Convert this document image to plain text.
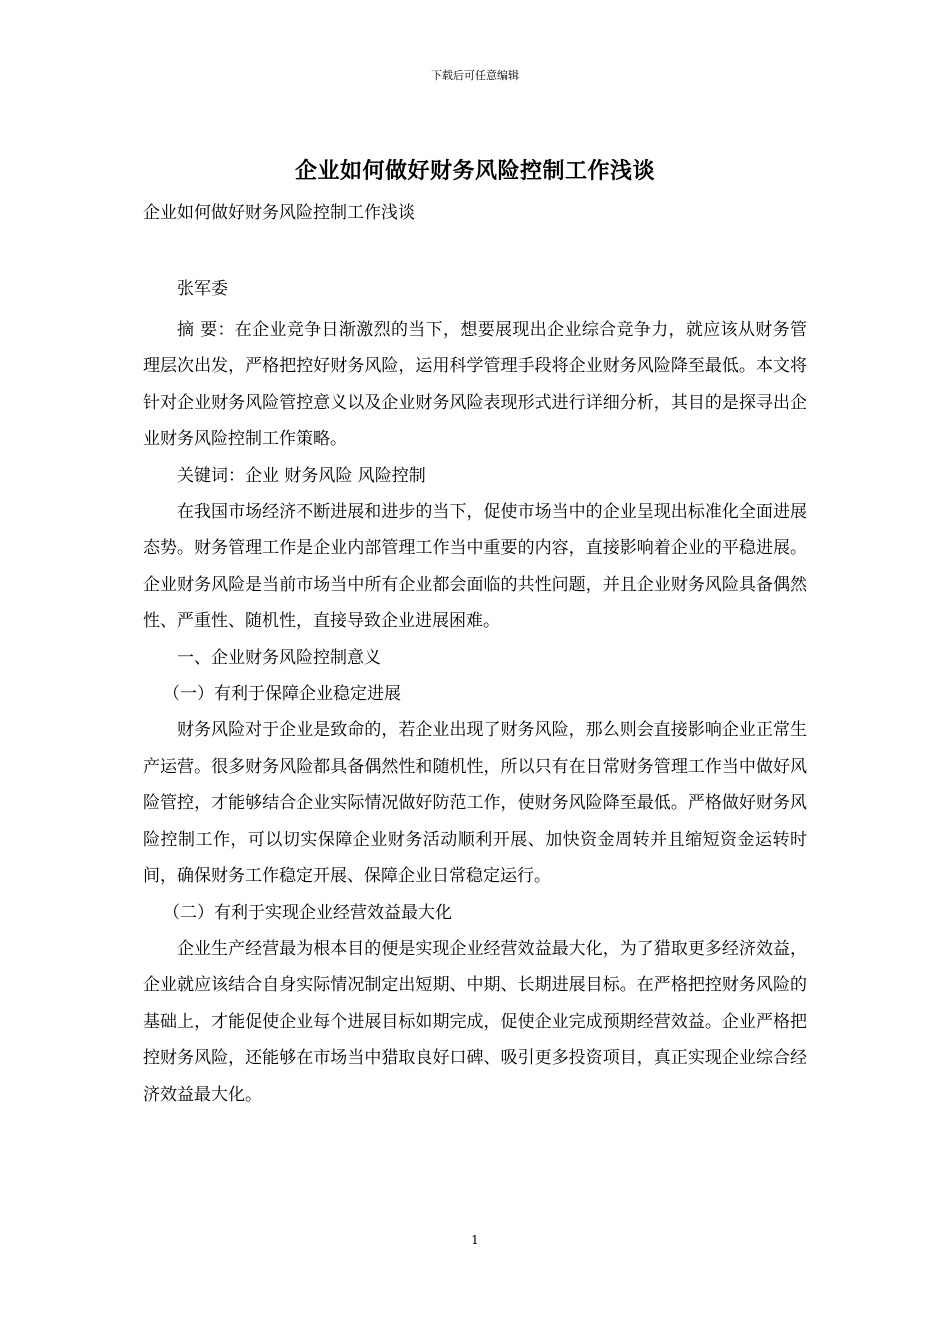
下载后可任意编辑
企业如何做好财务风险控制工作浅谈
企业如何做好财务风险控制工作浅谈
张军委

摘 要：在企业竞争日渐激烈的当下，想要展现出企业综合竞争力，就应该从财务管理层次出发，严格把控好财务风险，运用科学管理手段将企业财务风险降至最低。本文将针对企业财务风险管控意义以及企业财务风险表现形式进行详细分析，其目的是探寻出企业财务风险控制工作策略。

关键词：企业 财务风险 风险控制

在我国市场经济不断进展和进步的当下，促使市场当中的企业呈现出标准化全面进展态势。财务管理工作是企业内部管理工作当中重要的内容，直接影响着企业的平稳进展。企业财务风险是当前市场当中所有企业都会面临的共性问题，并且企业财务风险具备偶然性、严重性、随机性，直接导致企业进展困难。

一、企业财务风险控制意义

（一）有利于保障企业稳定进展

财务风险对于企业是致命的，若企业出现了财务风险，那么则会直接影响企业正常生产运营。很多财务风险都具备偶然性和随机性，所以只有在日常财务管理工作当中做好风险管控，才能够结合企业实际情况做好防范工作，使财务风险降至最低。严格做好财务风险控制工作，可以切实保障企业财务活动顺利开展、加快资金周转并且缩短资金运转时间，确保财务工作稳定开展、保障企业日常稳定运行。

（二）有利于实现企业经营效益最大化

企业生产经营最为根本目的便是实现企业经营效益最大化，为了猎取更多经济效益，企业就应该结合自身实际情况制定出短期、中期、长期进展目标。在严格把控财务风险的基础上，才能促使企业每个进展目标如期完成，促使企业完成预期经营效益。企业严格把控财务风险，还能够在市场当中猎取良好口碑、吸引更多投资项目，真正实现企业综合经济效益最大化。

1
